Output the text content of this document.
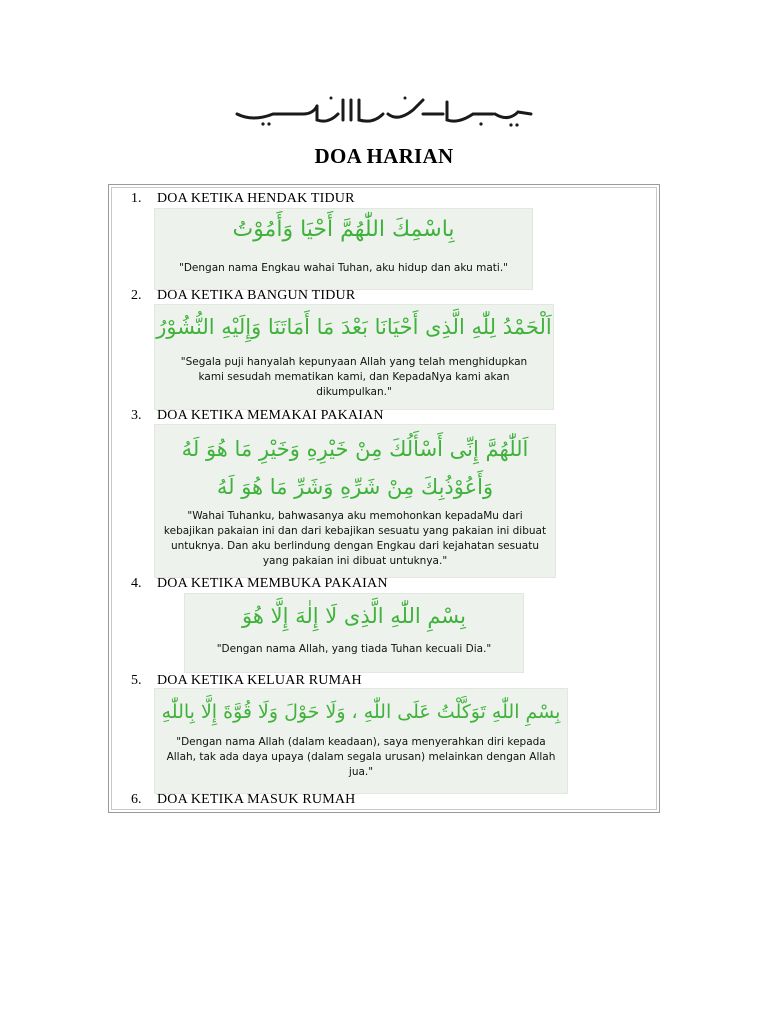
DOA HARIAN
1.	DOA KETIKA HENDAK TIDUR
بِاسْمِكَ اللّٰهُمَّ أَحْيَا وَأَمُوْتُ
"Dengan nama Engkau wahai Tuhan, aku hidup dan aku mati."
2.	DOA KETIKA BANGUN TIDUR
اَلْحَمْدُ لِلّٰهِ الَّذِى أَحْيَانَا بَعْدَ مَا أَمَاتَنَا وَإِلَيْهِ النُّشُوْرُ
"Segala puji hanyalah kepunyaan Allah yang telah menghidupkan kami sesudah mematikan kami, dan KepadaNya kami akan dikumpulkan."
3.	DOA KETIKA MEMAKAI PAKAIAN
اَللّٰهُمَّ إِنِّى أَسْأَلُكَ مِنْ خَيْرِهِ وَخَيْرِ مَا هُوَ لَهُ
وَأَعُوْذُبِكَ مِنْ شَرِّهِ وَشَرِّ مَا هُوَ لَهُ
"Wahai Tuhanku, bahwasanya aku memohonkan kepadaMu dari kebajikan pakaian ini dan dari kebajikan sesuatu yang pakaian ini dibuat untuknya. Dan aku berlindung dengan Engkau dari kejahatan sesuatu yang pakaian ini dibuat untuknya."
4.	DOA KETIKA MEMBUKA PAKAIAN
بِسْمِ اللّٰهِ الَّذِى لَا إِلٰهَ إِلَّا هُوَ
"Dengan nama Allah, yang tiada Tuhan kecuali Dia."
5.	DOA KETIKA KELUAR RUMAH
بِسْمِ اللّٰهِ تَوَكَّلْتُ عَلَى اللّٰهِ ، وَلَا حَوْلَ وَلَا قُوَّةَ إِلَّا بِاللّٰهِ
"Dengan nama Allah (dalam keadaan), saya menyerahkan diri kepada Allah, tak ada daya upaya (dalam segala urusan) melainkan dengan Allah jua."
6.	DOA KETIKA MASUK RUMAH
